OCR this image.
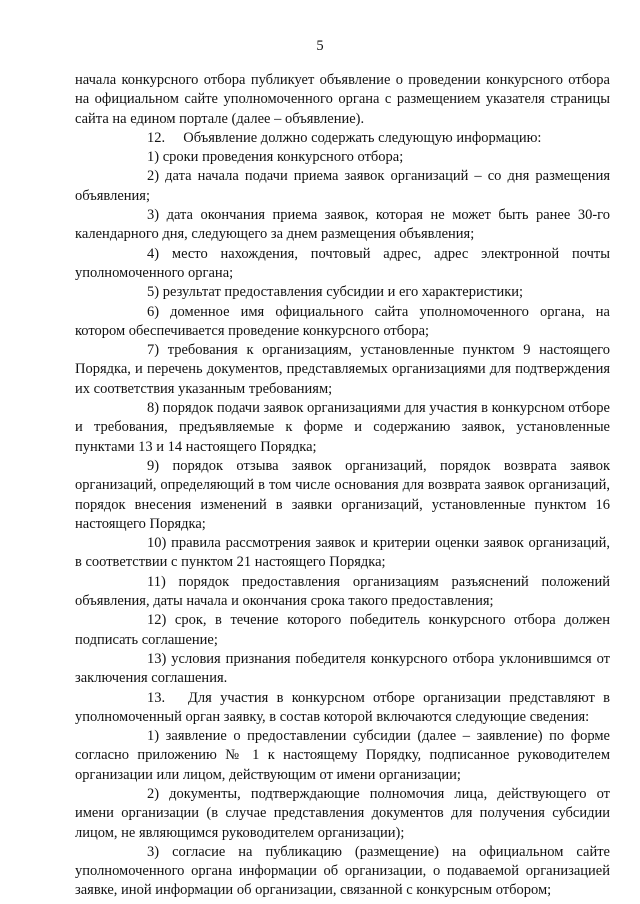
5

начала конкурсного отбора публикует объявление о проведении конкурсного отбора на официальном сайте уполномоченного органа с размещением указателя страницы сайта на едином портале (далее – объявление).

12.  Объявление должно содержать следующую информацию:

1) сроки проведения конкурсного отбора;

2) дата начала подачи приема заявок организаций – со дня размещения объявления;

3) дата окончания приема заявок, которая не может быть ранее 30-го календарного дня, следующего за днем размещения объявления;

4) место нахождения, почтовый адрес, адрес электронной почты уполномоченного органа;

5) результат предоставления субсидии и его характеристики;

6) доменное имя официального сайта уполномоченного органа, на котором обеспечивается проведение конкурсного отбора;

7) требования к организациям, установленные пунктом 9 настоящего Порядка, и перечень документов, представляемых организациями для подтверждения их соответствия указанным требованиям;

8) порядок подачи заявок организациями для участия в конкурсном отборе и требования, предъявляемые к форме и содержанию заявок, установленные пунктами 13 и 14 настоящего Порядка;

9) порядок отзыва заявок организаций, порядок возврата заявок организаций, определяющий в том числе основания для возврата заявок организаций, порядок внесения изменений в заявки организаций, установленные пунктом 16 настоящего Порядка;

10) правила рассмотрения заявок и критерии оценки заявок организаций, в соответствии с пунктом 21 настоящего Порядка;

11) порядок предоставления организациям разъяснений положений объявления, даты начала и окончания срока такого предоставления;

12) срок, в течение которого победитель конкурсного отбора должен подписать соглашение;

13) условия признания победителя конкурсного отбора уклонившимся от заключения соглашения.

13.  Для участия в конкурсном отборе организации представляют в уполномоченный орган заявку, в состав которой включаются следующие сведения:

1) заявление о предоставлении субсидии (далее – заявление) по форме согласно приложению № 1 к настоящему Порядку, подписанное руководителем организации или лицом, действующим от имени организации;

2) документы, подтверждающие полномочия лица, действующего от имени организации (в случае представления документов для получения субсидии лицом, не являющимся руководителем организации);

3) согласие на публикацию (размещение) на официальном сайте уполномоченного органа информации об организации, о подаваемой организацией заявке, иной информации об организации, связанной с конкурсным отбором;
